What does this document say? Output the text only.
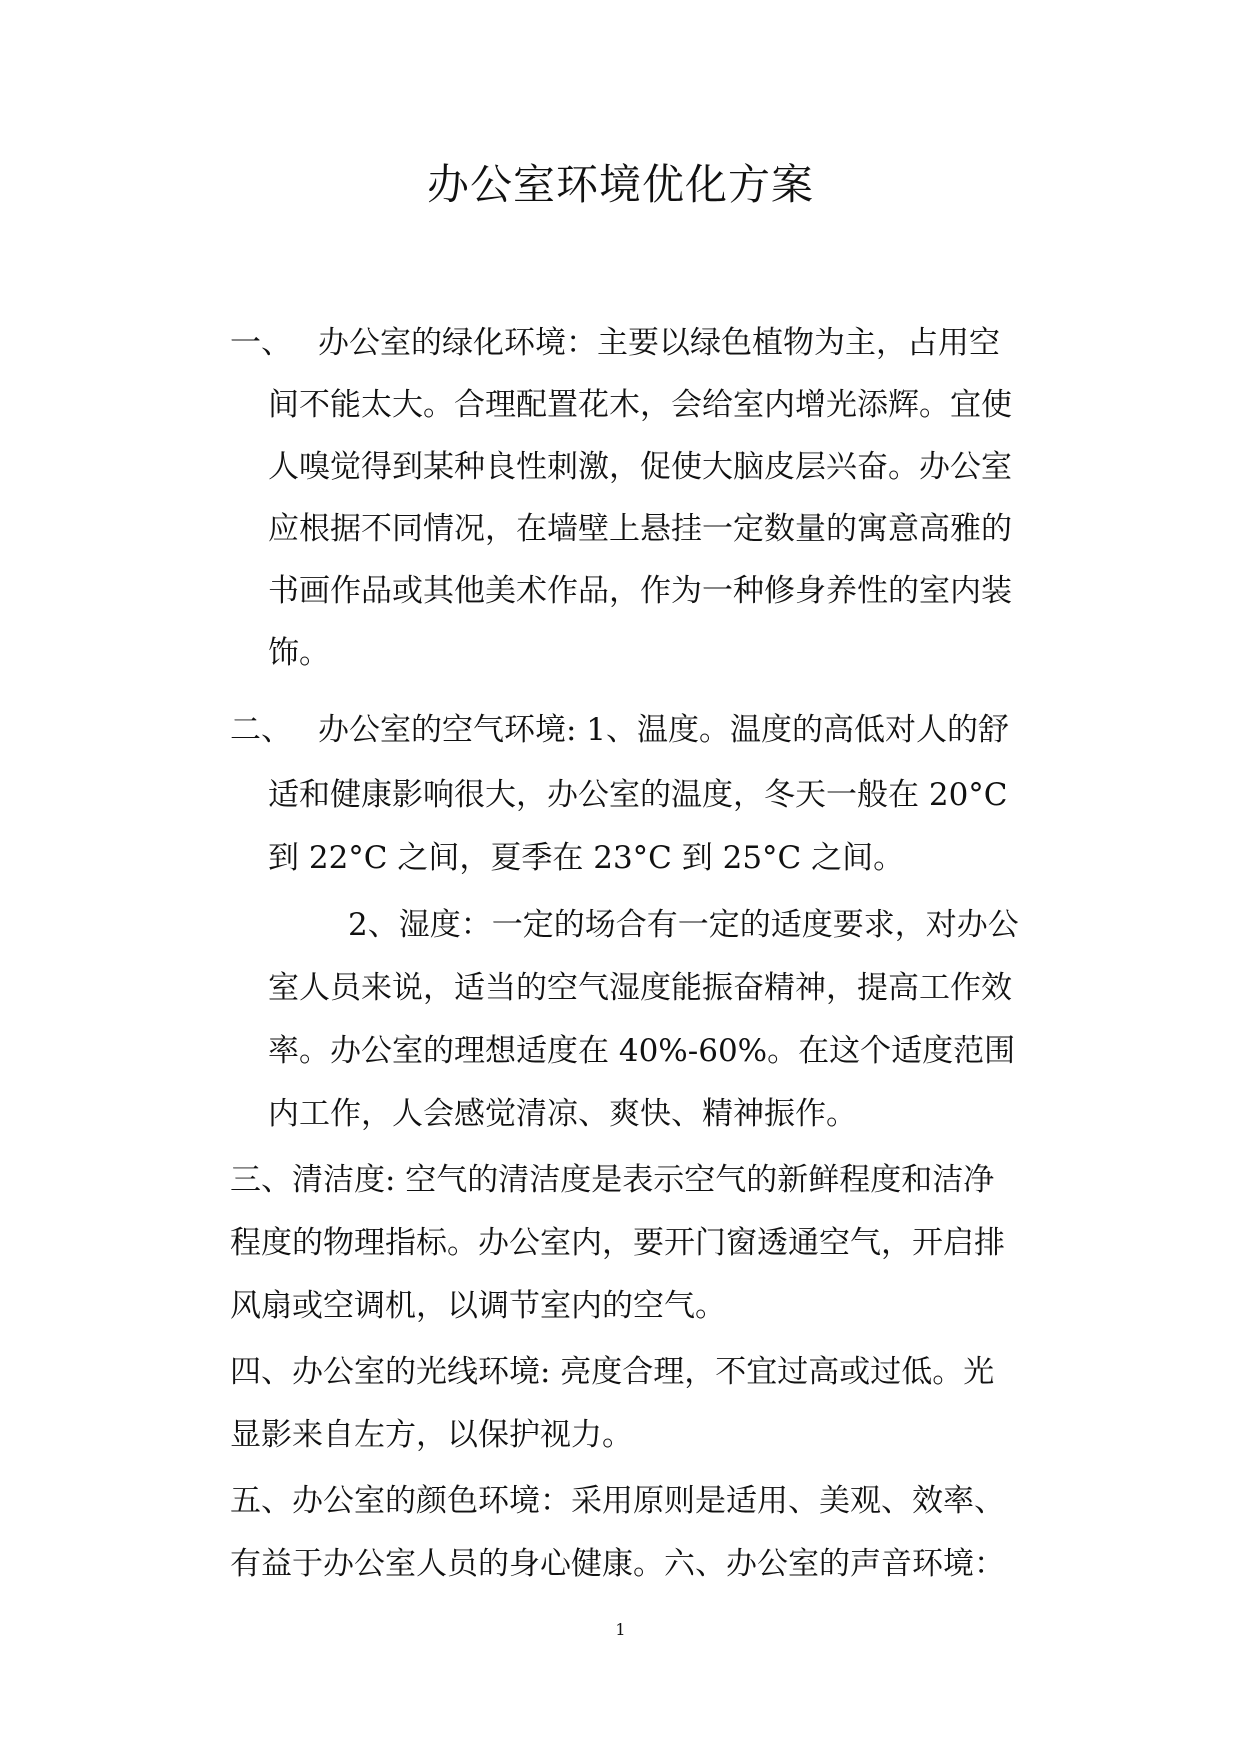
办公室环境优化方案

一、 办公室的绿化环境：主要以绿色植物为主，占用空

间不能太大。合理配置花木，会给室内增光添辉。宜使

人嗅觉得到某种良性刺激，促使大脑皮层兴奋。办公室

应根据不同情况，在墙壁上悬挂一定数量的寓意高雅的

书画作品或其他美术作品，作为一种修身养性的室内装

饰。

二、 办公室的空气环境: 1、温度。温度的高低对人的舒

适和健康影响很大，办公室的温度，冬天一般在 20°C

到 22°C 之间，夏季在 23°C 到 25°C 之间。

2、湿度：一定的场合有一定的适度要求，对办公

室人员来说，适当的空气湿度能振奋精神，提高工作效

率。办公室的理想适度在 40%-60%。在这个适度范围

内工作，人会感觉清凉、爽快、精神振作。

三、清洁度: 空气的清洁度是表示空气的新鲜程度和洁净

程度的物理指标。办公室内，要开门窗透通空气，开启排

风扇或空调机，以调节室内的空气。

四、办公室的光线环境: 亮度合理，不宜过高或过低。光

显影来自左方，以保护视力。

五、办公室的颜色环境：采用原则是适用、美观、效率、

有益于办公室人员的身心健康。六、办公室的声音环境：

1
